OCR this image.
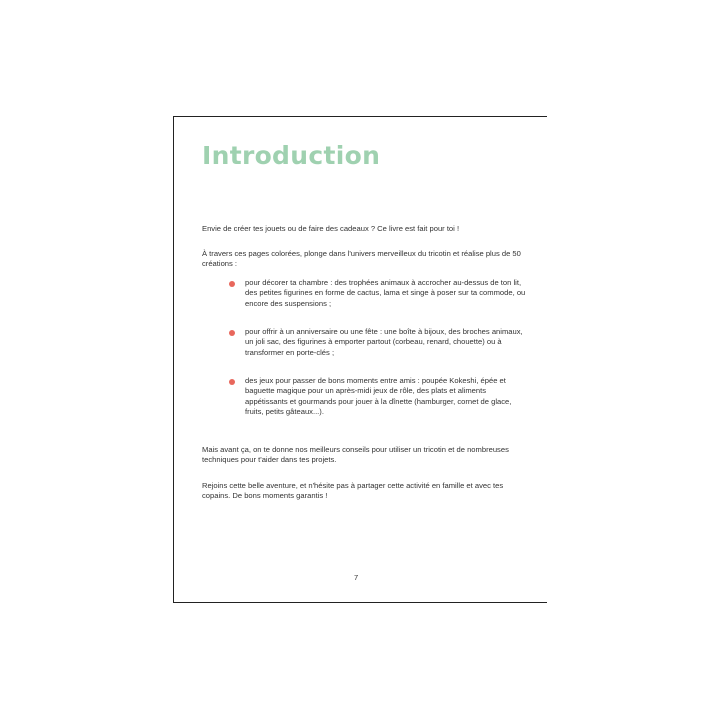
Introduction

Envie de créer tes jouets ou de faire des cadeaux ? Ce livre est fait pour toi !

À travers ces pages colorées, plonge dans l'univers merveilleux du tricotin et réalise plus de 50 créations :

pour décorer ta chambre : des trophées animaux à accrocher au-dessus de ton lit, des petites figurines en forme de cactus, lama et singe à poser sur ta commode, ou encore des suspensions ;
pour offrir à un anniversaire ou une fête : une boîte à bijoux, des broches animaux, un joli sac, des figurines à emporter partout (corbeau, renard, chouette) ou à transformer en porte-clés ;
des jeux pour passer de bons moments entre amis : poupée Kokeshi, épée et baguette magique pour un après-midi jeux de rôle, des plats et aliments appétissants et gourmands pour jouer à la dînette (hamburger, cornet de glace, fruits, petits gâteaux...).

Mais avant ça, on te donne nos meilleurs conseils pour utiliser un tricotin et de nombreuses techniques pour t'aider dans tes projets.

Rejoins cette belle aventure, et n'hésite pas à partager cette activité en famille et avec tes copains. De bons moments garantis !

7
